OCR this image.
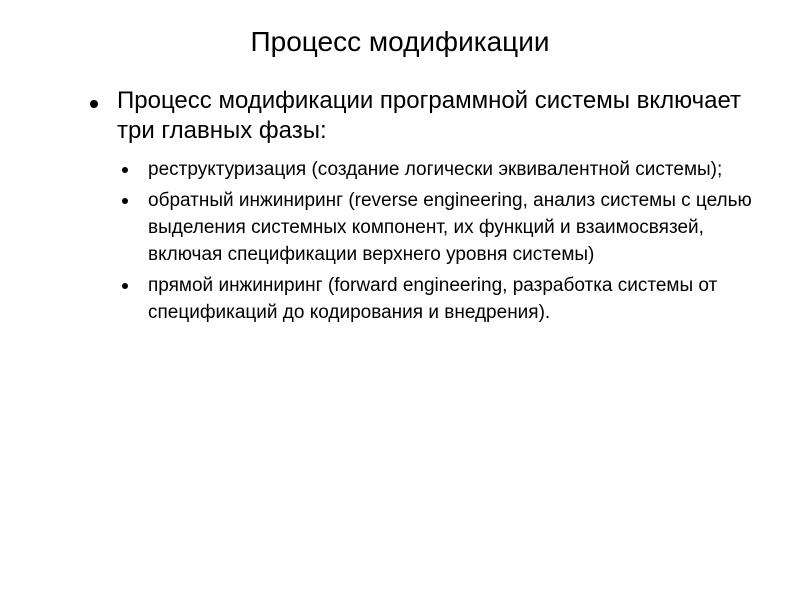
Процесс модификации
Процесс модификации программной системы включает три главных фазы:
реструктуризация (создание логически эквивалентной системы);
обратный инжиниринг (reverse engineering, анализ системы с целью выделения системных компонент, их функций и взаимосвязей, включая спецификации верхнего уровня системы)
прямой инжиниринг (forward engineering, разработка системы от спецификаций до кодирования и внедрения).
